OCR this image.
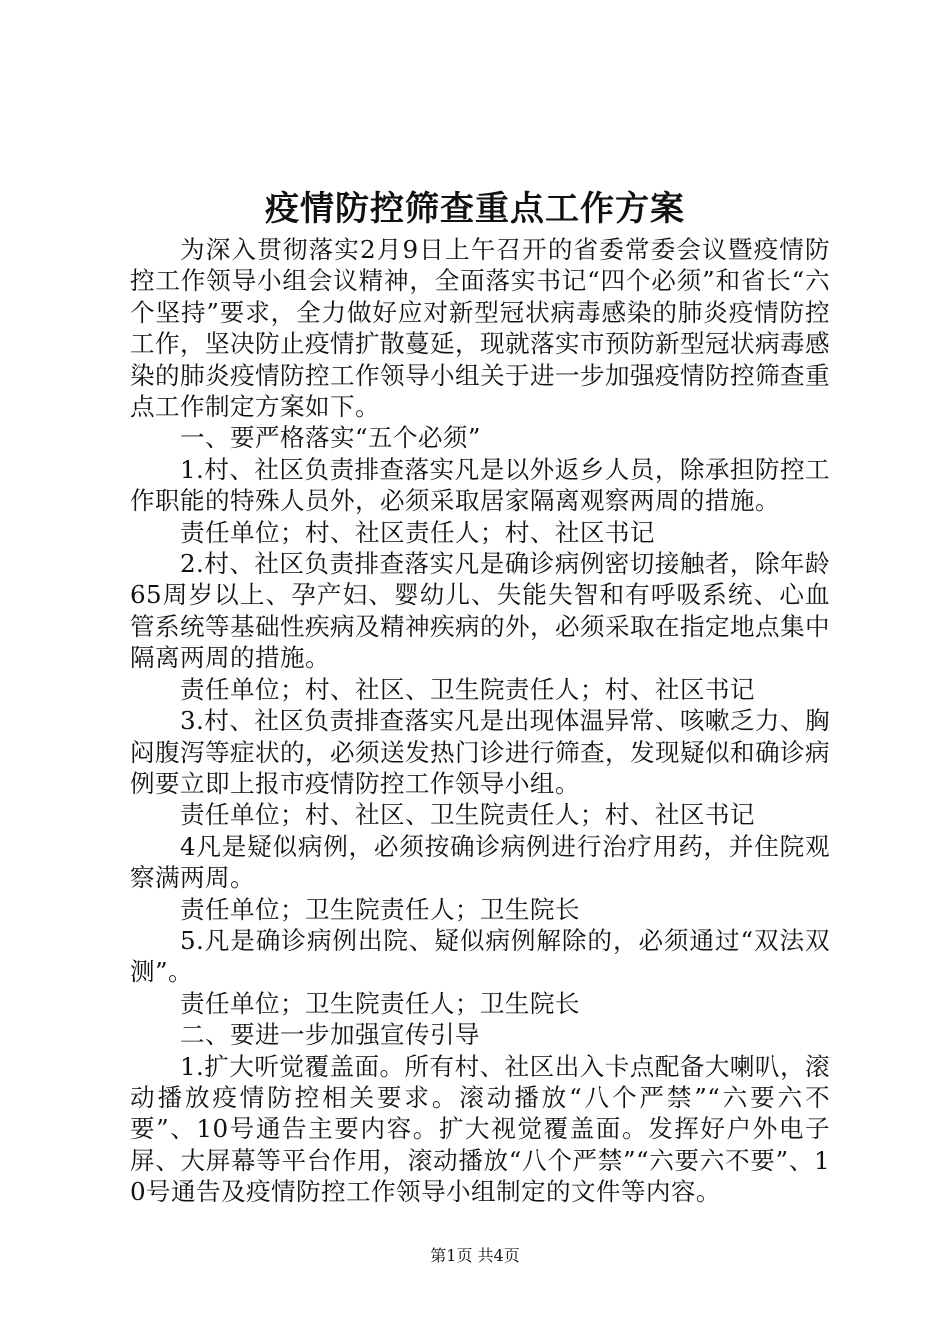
疫情防控筛查重点工作方案

为深入贯彻落实2月9日上午召开的省委常委会议暨疫情防控工作领导小组会议精神，全面落实书记“四个必须”和省长“六个坚持”要求，全力做好应对新型冠状病毒感染的肺炎疫情防控工作，坚决防止疫情扩散蔓延，现就落实市预防新型冠状病毒感染的肺炎疫情防控工作领导小组关于进一步加强疫情防控筛查重点工作制定方案如下。

一、要严格落实“五个必须”

1.村、社区负责排查落实凡是以外返乡人员，除承担防控工作职能的特殊人员外，必须采取居家隔离观察两周的措施。

责任单位；村、社区责任人；村、社区书记

2.村、社区负责排查落实凡是确诊病例密切接触者，除年龄65周岁以上、孕产妇、婴幼儿、失能失智和有呼吸系统、心血管系统等基础性疾病及精神疾病的外，必须采取在指定地点集中隔离两周的措施。

责任单位；村、社区、卫生院责任人；村、社区书记

3.村、社区负责排查落实凡是出现体温异常、咳嗽乏力、胸闷腹泻等症状的，必须送发热门诊进行筛查，发现疑似和确诊病例要立即上报市疫情防控工作领导小组。

责任单位；村、社区、卫生院责任人；村、社区书记

4凡是疑似病例，必须按确诊病例进行治疗用药，并住院观察满两周。

责任单位；卫生院责任人；卫生院长

5.凡是确诊病例出院、疑似病例解除的，必须通过“双法双测”。

责任单位；卫生院责任人；卫生院长

二、要进一步加强宣传引导

1.扩大听觉覆盖面。所有村、社区出入卡点配备大喇叭，滚动播放疫情防控相关要求。滚动播放“八个严禁”“六要六不要”、10号通告主要内容。扩大视觉覆盖面。发挥好户外电子屏、大屏幕等平台作用，滚动播放“八个严禁”“六要六不要”、10号通告及疫情防控工作领导小组制定的文件等内容。

第1页 共4页
